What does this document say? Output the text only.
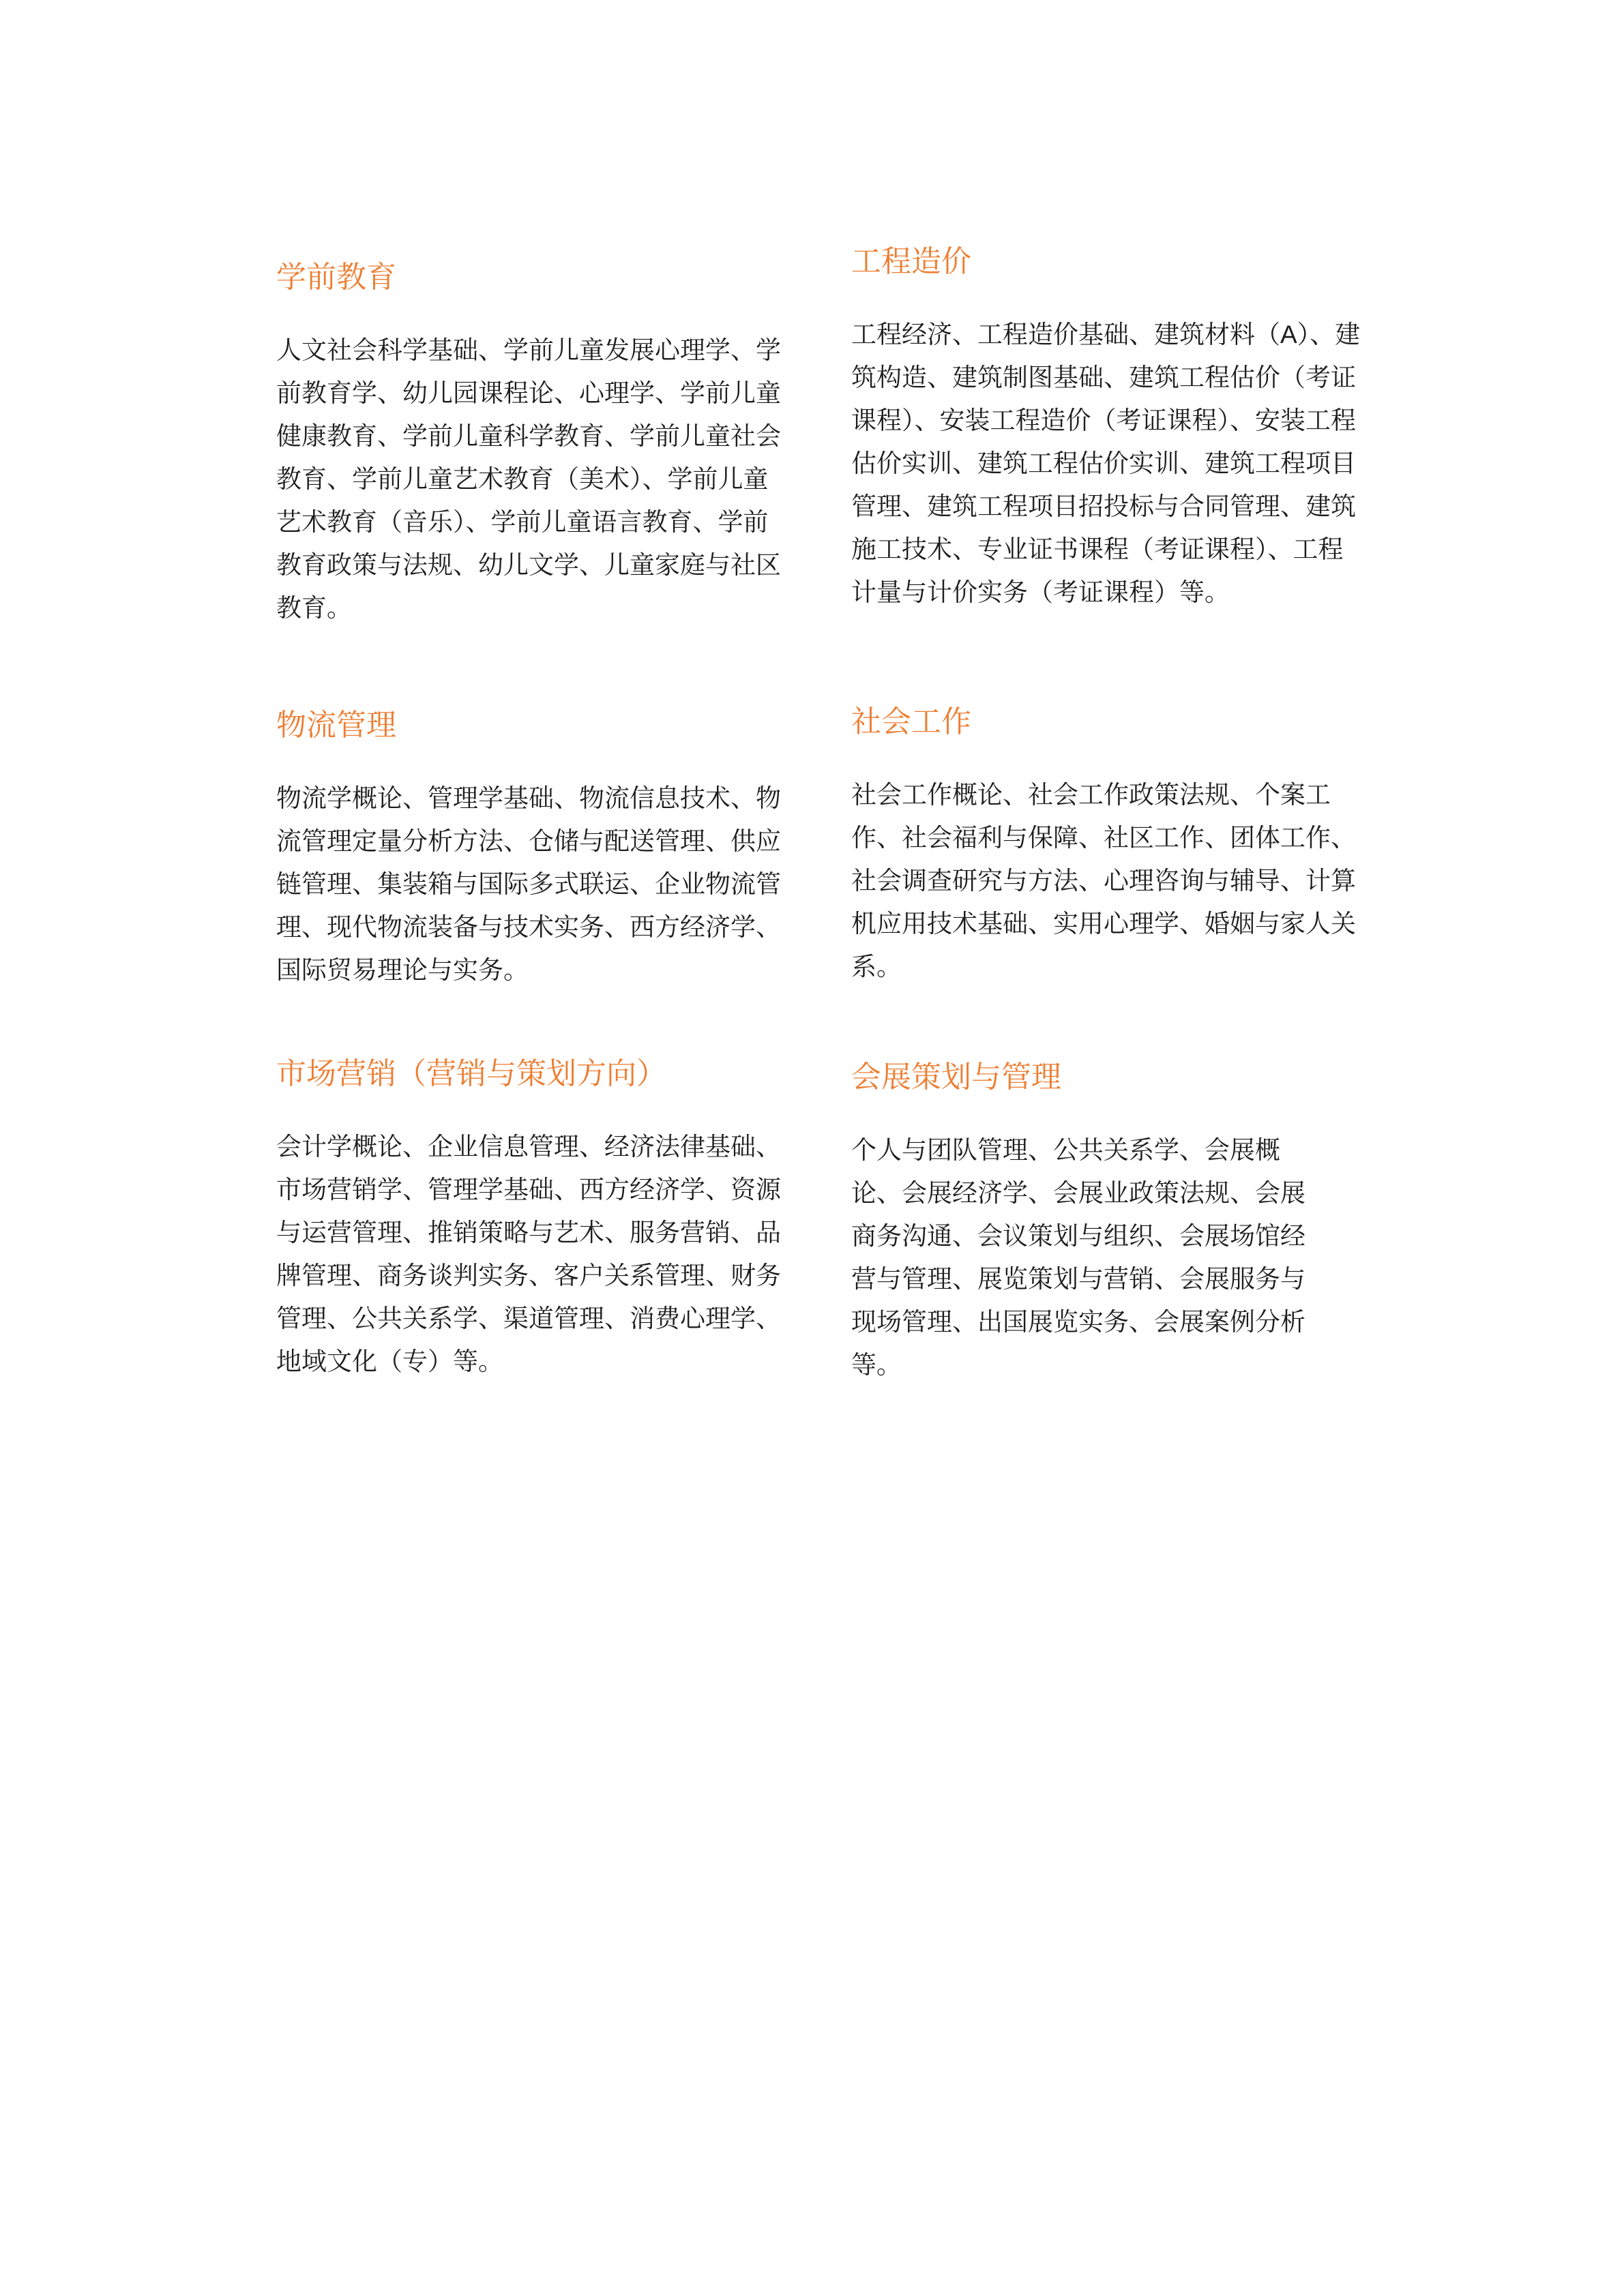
学前教育

人文社会科学基础、学前儿童发展心理学、学前教育学、幼儿园课程论、心理学、学前儿童健康教育、学前儿童科学教育、学前儿童社会教育、学前儿童艺术教育（美术）、学前儿童艺术教育（音乐）、学前儿童语言教育、学前教育政策与法规、幼儿文学、儿童家庭与社区教育。

工程造价

工程经济、工程造价基础、建筑材料（A）、建筑构造、建筑制图基础、建筑工程估价（考证课程）、安装工程造价（考证课程）、安装工程估价实训、建筑工程估价实训、建筑工程项目管理、建筑工程项目招投标与合同管理、建筑施工技术、专业证书课程（考证课程）、工程计量与计价实务（考证课程）等。

物流管理

物流学概论、管理学基础、物流信息技术、物流管理定量分析方法、仓储与配送管理、供应链管理、集装箱与国际多式联运、企业物流管理、现代物流装备与技术实务、西方经济学、国际贸易理论与实务。

社会工作

社会工作概论、社会工作政策法规、个案工作、社会福利与保障、社区工作、团体工作、社会调查研究与方法、心理咨询与辅导、计算机应用技术基础、实用心理学、婚姻与家人关系。

市场营销（营销与策划方向）

会计学概论、企业信息管理、经济法律基础、市场营销学、管理学基础、西方经济学、资源与运营管理、推销策略与艺术、服务营销、品牌管理、商务谈判实务、客户关系管理、财务管理、公共关系学、渠道管理、消费心理学、地域文化（专）等。

会展策划与管理

个人与团队管理、公共关系学、会展概论、会展经济学、会展业政策法规、会展商务沟通、会议策划与组织、会展场馆经营与管理、展览策划与营销、会展服务与现场管理、出国展览实务、会展案例分析等。
